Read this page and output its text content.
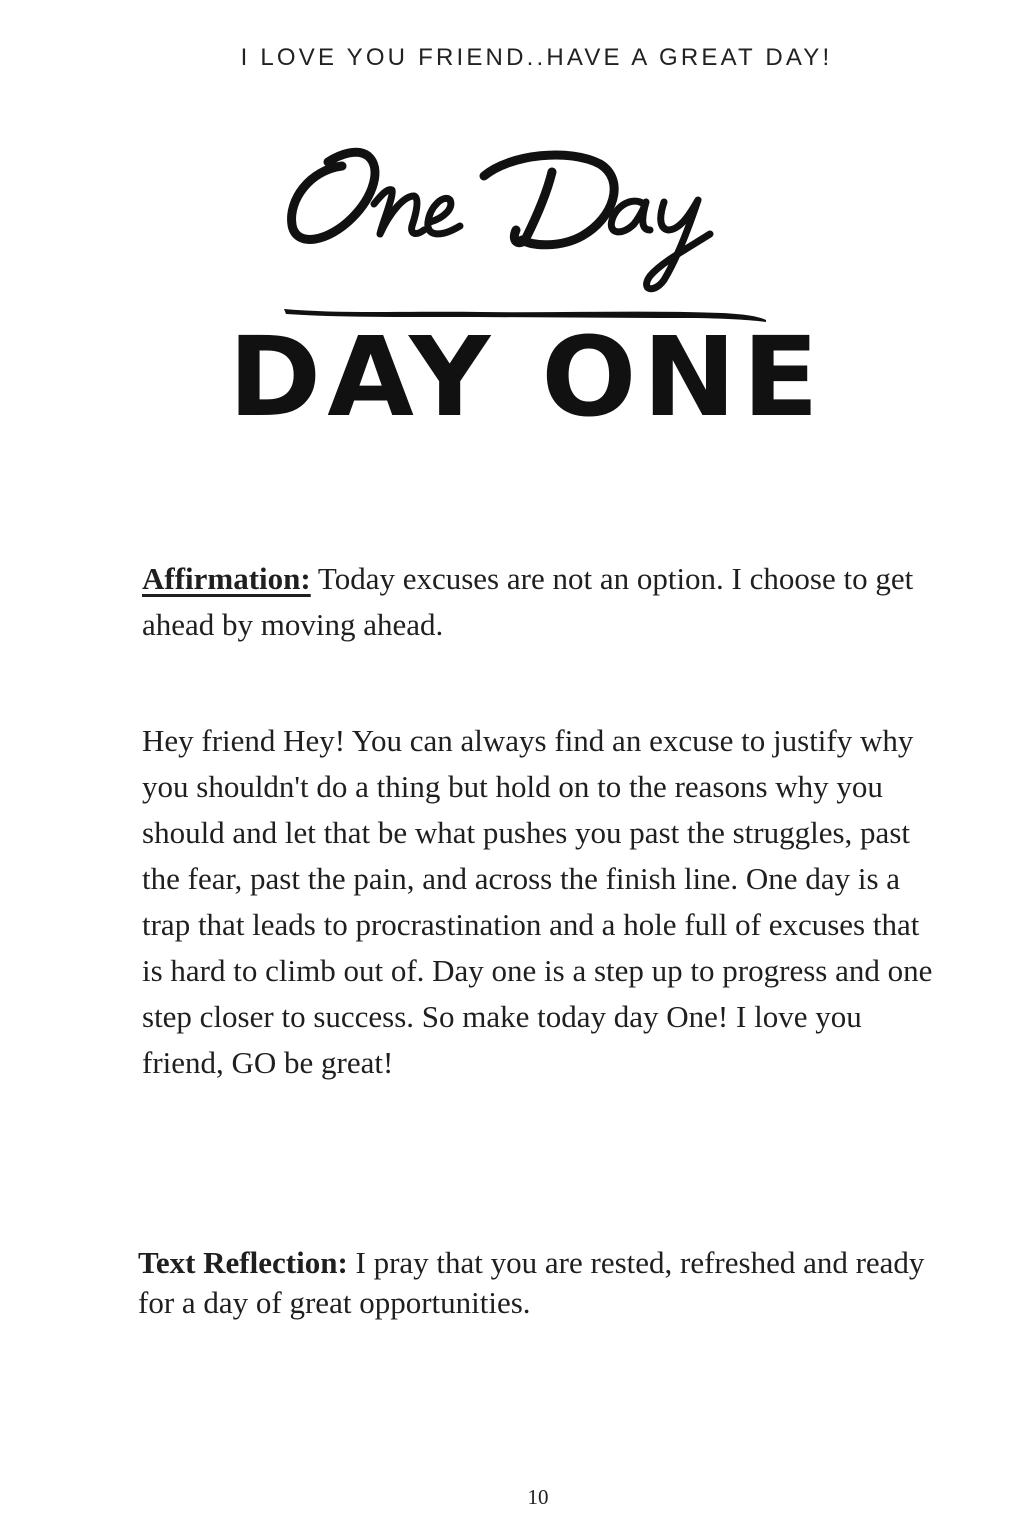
I LOVE YOU FRIEND..HAVE A GREAT DAY!
DAY ONE
Affirmation: Today excuses are not an option. I choose to get ahead by moving ahead.
Hey friend Hey! You can always find an excuse to justify why you shouldn't do a thing but hold on to the reasons why you should and let that be what pushes you past the struggles, past the fear, past the pain, and across the finish line. One day is a trap that leads to procrastination and a hole full of excuses that is hard to climb out of. Day one is a step up to progress and one step closer to success. So make today day One! I love you friend, GO be great!
Text Reflection: I pray that you are rested, refreshed and ready for a day of great opportunities.
10
